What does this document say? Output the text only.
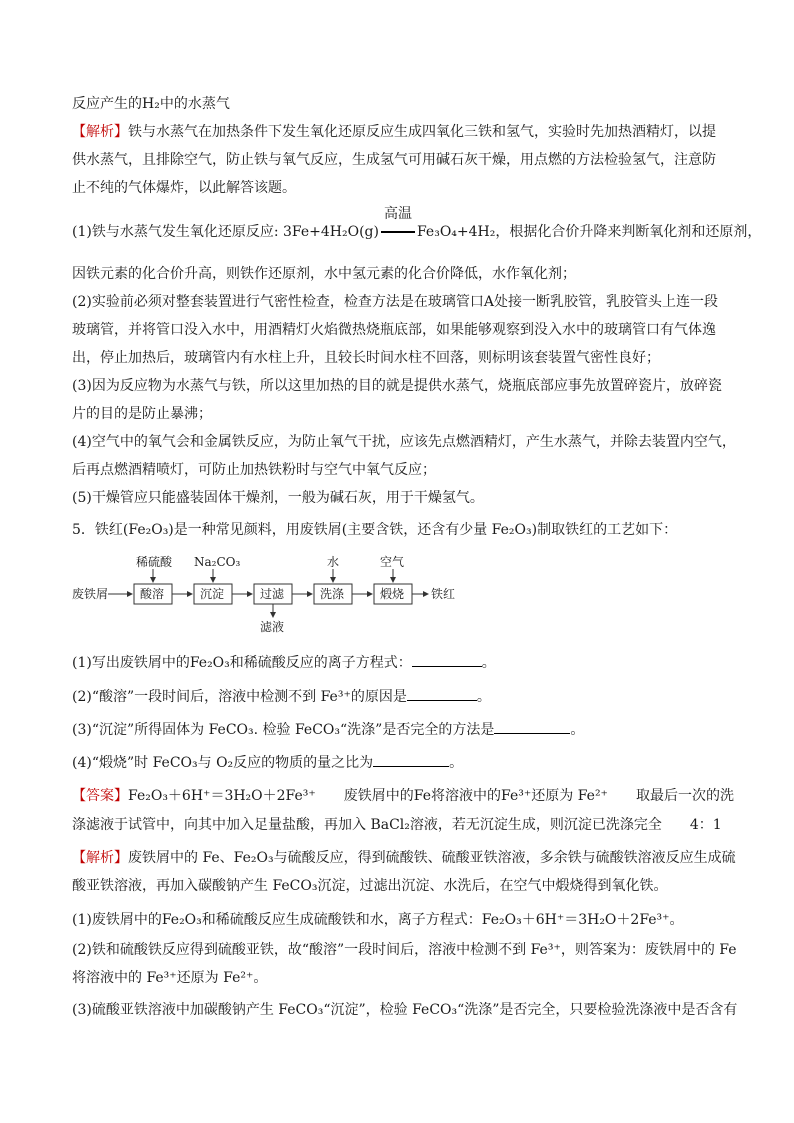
反应产生的H₂中的水蒸气
【解析】铁与水蒸气在加热条件下发生氧化还原反应生成四氧化三铁和氢气，实验时先加热酒精灯，以提
供水蒸气，且排除空气，防止铁与氧气反应，生成氢气可用碱石灰干燥，用点燃的方法检验氢气，注意防
止不纯的气体爆炸，以此解答该题。
(1)铁与水蒸气发生氧化还原反应: 3Fe+4H₂O(g)
高温
Fe₃O₄+4H₂，根据化合价升降来判断氧化剂和还原剂，
因铁元素的化合价升高，则铁作还原剂，水中氢元素的化合价降低，水作氧化剂；
(2)实验前必须对整套装置进行气密性检查，检查方法是在玻璃管口A处接一断乳胶管，乳胶管头上连一段
玻璃管，并将管口没入水中，用酒精灯火焰微热烧瓶底部，如果能够观察到没入水中的玻璃管口有气体逸
出，停止加热后，玻璃管内有水柱上升，且较长时间水柱不回落，则标明该套装置气密性良好；
(3)因为反应物为水蒸气与铁，所以这里加热的目的就是提供水蒸气，烧瓶底部应事先放置碎瓷片，放碎瓷
片的目的是防止暴沸；
(4)空气中的氧气会和金属铁反应，为防止氧气干扰，应该先点燃酒精灯，产生水蒸气，并除去装置内空气，
后再点燃酒精喷灯，可防止加热铁粉时与空气中氧气反应；
(5)干燥管应只能盛装固体干燥剂，一般为碱石灰，用于干燥氢气。
5．铁红(Fe₂O₃)是一种常见颜料，用废铁屑(主要含铁，还含有少量 Fe₂O₃)制取铁红的工艺如下：
废铁屑	酸溶	沉淀	过滤	洗涤	煅烧 铁红
稀硫酸 Na₂CO₃	水	空气
滤液
(1)写出废铁屑中的Fe₂O₃和稀硫酸反应的离子方程式：	。
(2)“酸溶”一段时间后，溶液中检测不到 Fe³⁺的原因是	。
(3)“沉淀”所得固体为 FeCO₃. 检验 FeCO₃“洗涤”是否完全的方法是	。
(4)“煅烧”时 FeCO₃与 O₂反应的物质的量之比为	。
【答案】Fe₂O₃＋6H⁺＝3H₂O＋2Fe³⁺　　废铁屑中的Fe将溶液中的Fe³⁺还原为 Fe²⁺　　取最后一次的洗
涤滤液于试管中，向其中加入足量盐酸，再加入 BaCl₂溶液，若无沉淀生成，则沉淀已洗涤完全　　4：1
【解析】废铁屑中的 Fe、Fe₂O₃与硫酸反应，得到硫酸铁、硫酸亚铁溶液，多余铁与硫酸铁溶液反应生成硫
酸亚铁溶液，再加入碳酸钠产生 FeCO₃沉淀，过滤出沉淀、水洗后，在空气中煅烧得到氧化铁。
(1)废铁屑中的Fe₂O₃和稀硫酸反应生成硫酸铁和水，离子方程式：Fe₂O₃＋6H⁺＝3H₂O＋2Fe³⁺。
(2)铁和硫酸铁反应得到硫酸亚铁，故“酸溶”一段时间后，溶液中检测不到 Fe³⁺，则答案为：废铁屑中的 Fe
将溶液中的 Fe³⁺还原为 Fe²⁺。
(3)硫酸亚铁溶液中加碳酸钠产生 FeCO₃“沉淀”，检验 FeCO₃“洗涤”是否完全，只要检验洗涤液中是否含有
